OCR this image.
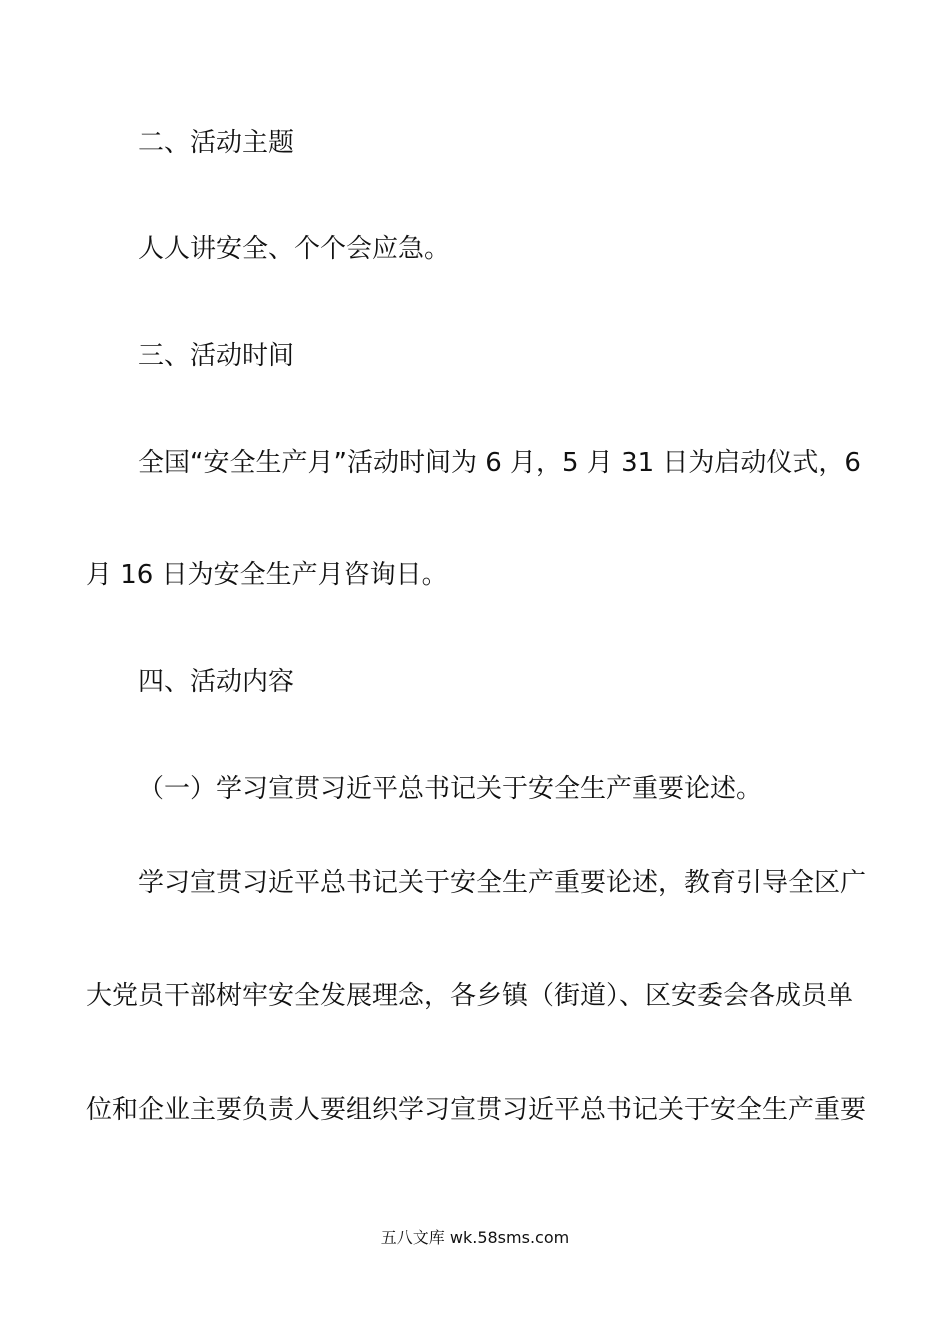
二、活动主题
人人讲安全、个个会应急。
三、活动时间
全国“安全生产月”活动时间为 6 月，5 月 31 日为启动仪式，6
月 16 日为安全生产月咨询日。
四、活动内容
（一）学习宣贯习近平总书记关于安全生产重要论述。
学习宣贯习近平总书记关于安全生产重要论述，教育引导全区广
大党员干部树牢安全发展理念，各乡镇（街道）、区安委会各成员单
位和企业主要负责人要组织学习宣贯习近平总书记关于安全生产重要
五八文库 wk.58sms.com
